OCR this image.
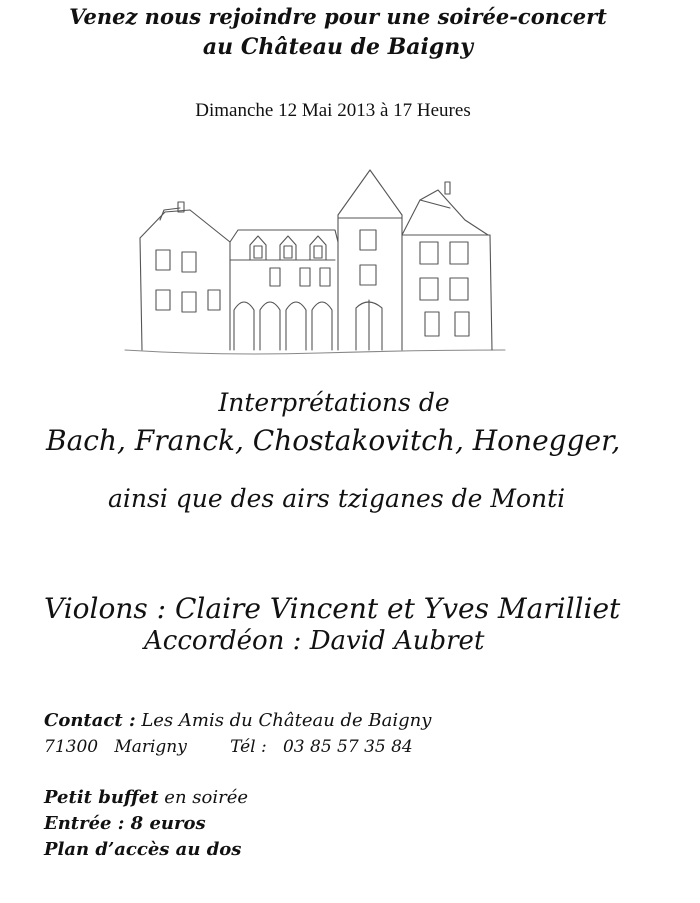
Venez nous rejoindre pour une soirée-concert
au Château de Baigny
Dimanche 12 Mai 2013 à 17 Heures
Interprétations de
Bach, Franck, Chostakovitch, Honegger,
ainsi que des airs tziganes de Monti
Violons : Claire Vincent et Yves Marilliet
Accordéon : David Aubret
Contact : Les Amis du Château de Baigny
71300 Marigny	Tél : 03 85 57 35 84
Petit buffet en soirée
Entrée : 8 euros
Plan d’accès au dos
